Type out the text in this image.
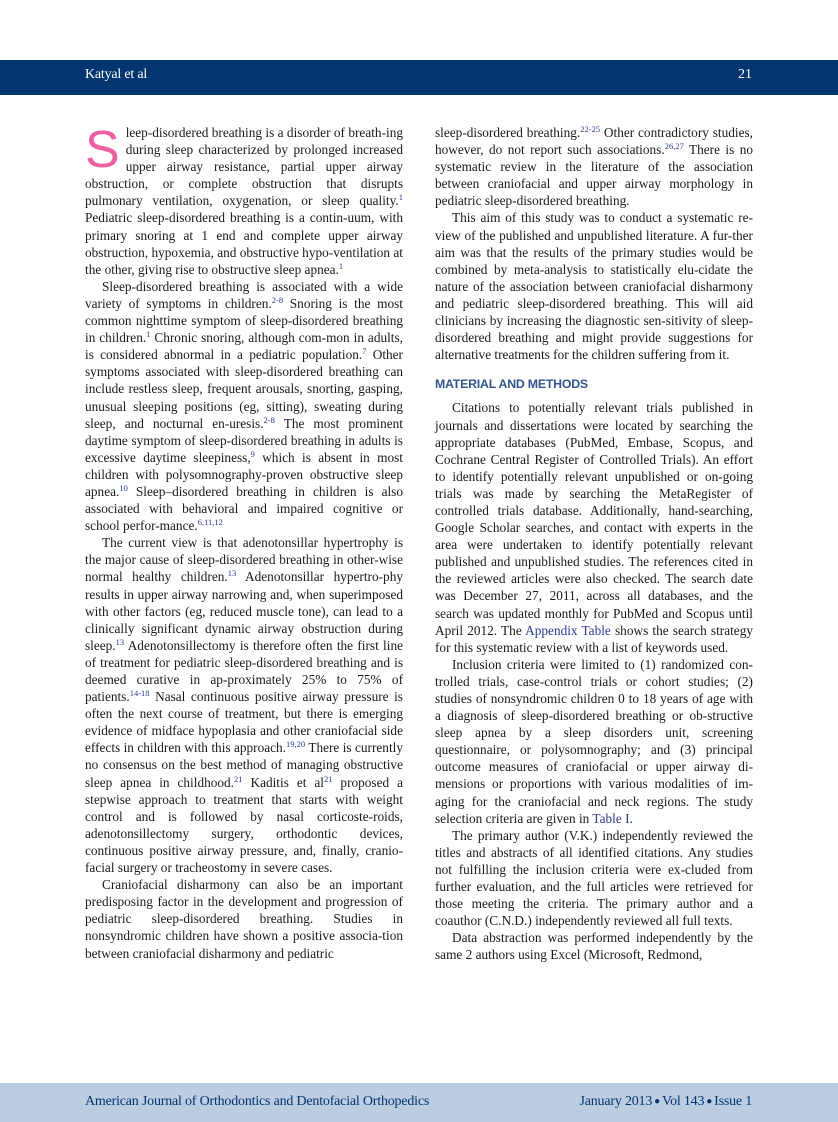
Katyal et al	21

Sleep-disordered breathing is a disorder of breath-ing during sleep characterized by prolonged increased upper airway resistance, partial upper airway obstruction, or complete obstruction that disrupts pulmonary ventilation, oxygenation, or sleep quality.$^1$ Pediatric sleep-disordered breathing is a contin-uum, with primary snoring at 1 end and complete upper airway obstruction, hypoxemia, and obstructive hypo-ventilation at the other, giving rise to obstructive sleep apnea.$^1$

Sleep-disordered breathing is associated with a wide variety of symptoms in children.$^{2-8}$ Snoring is the most common nighttime symptom of sleep-disordered breathing in children.$^1$ Chronic snoring, although com-mon in adults, is considered abnormal in a pediatric population.$^7$ Other symptoms associated with sleep-disordered breathing can include restless sleep, frequent arousals, snorting, gasping, unusual sleeping positions (eg, sitting), sweating during sleep, and nocturnal en-uresis.$^{2-8}$ The most prominent daytime symptom of sleep-disordered breathing in adults is excessive daytime sleepiness,$^9$ which is absent in most children with polysomnography-proven obstructive sleep apnea.$^{10}$ Sleep–disordered breathing in children is also associated with behavioral and impaired cognitive or school perfor-mance.$^{6,11,12}$

The current view is that adenotonsillar hypertrophy is the major cause of sleep-disordered breathing in other-wise normal healthy children.$^{13}$ Adenotonsillar hypertro-phy results in upper airway narrowing and, when superimposed with other factors (eg, reduced muscle tone), can lead to a clinically significant dynamic airway obstruction during sleep.$^{13}$ Adenotonsillectomy is therefore often the first line of treatment for pediatric sleep-disordered breathing and is deemed curative in ap-proximately 25% to 75% of patients.$^{14-18}$ Nasal continuous positive airway pressure is often the next course of treatment, but there is emerging evidence of midface hypoplasia and other craniofacial side effects in children with this approach.$^{19,20}$ There is currently no consensus on the best method of managing obstructive sleep apnea in childhood.$^{21}$ Kaditis et $al^{21}$ proposed a stepwise approach to treatment that starts with weight control and is followed by nasal corticoste-roids, adenotonsillectomy surgery, orthodontic devices, continuous positive airway pressure, and, finally, cranio-facial surgery or tracheostomy in severe cases.

Craniofacial disharmony can also be an important predisposing factor in the development and progression of pediatric sleep-disordered breathing. Studies in nonsyndromic children have shown a positive associa-tion between craniofacial disharmony and pediatric

sleep-disordered breathing.$^{22-25}$ Other contradictory studies, however, do not report such associations.$^{26,27}$ There is no systematic review in the literature of the association between craniofacial and upper airway morphology in pediatric sleep-disordered breathing.

This aim of this study was to conduct a systematic re-view of the published and unpublished literature. A fur-ther aim was that the results of the primary studies would be combined by meta-analysis to statistically elu-cidate the nature of the association between craniofacial disharmony and pediatric sleep-disordered breathing. This will aid clinicians by increasing the diagnostic sen-sitivity of sleep-disordered breathing and might provide suggestions for alternative treatments for the children suffering from it.

MATERIAL AND METHODS

Citations to potentially relevant trials published in journals and dissertations were located by searching the appropriate databases (PubMed, Embase, Scopus, and Cochrane Central Register of Controlled Trials). An effort to identify potentially relevant unpublished or on-going trials was made by searching the MetaRegister of controlled trials database. Additionally, hand-searching, Google Scholar searches, and contact with experts in the area were undertaken to identify potentially relevant published and unpublished studies. The references cited in the reviewed articles were also checked. The search date was December 27, 2011, across all databases, and the search was updated monthly for PubMed and Scopus until April 2012. The Appendix Table shows the search strategy for this systematic review with a list of keywords used.

Inclusion criteria were limited to (1) randomized con-trolled trials, case-control trials or cohort studies; (2) studies of nonsyndromic children 0 to 18 years of age with a diagnosis of sleep-disordered breathing or ob-structive sleep apnea by a sleep disorders unit, screening questionnaire, or polysomnography; and (3) principal outcome measures of craniofacial or upper airway di-mensions or proportions with various modalities of im-aging for the craniofacial and neck regions. The study selection criteria are given in Table I.

The primary author (V.K.) independently reviewed the titles and abstracts of all identified citations. Any studies not fulfilling the inclusion criteria were ex-cluded from further evaluation, and the full articles were retrieved for those meeting the criteria. The primary author and a coauthor (C.N.D.) independently reviewed all full texts.

Data abstraction was performed independently by the same 2 authors using Excel (Microsoft, Redmond,

American Journal of Orthodontics and Dentofacial Orthopedics	January 2013 ● Vol 143 ● Issue 1
